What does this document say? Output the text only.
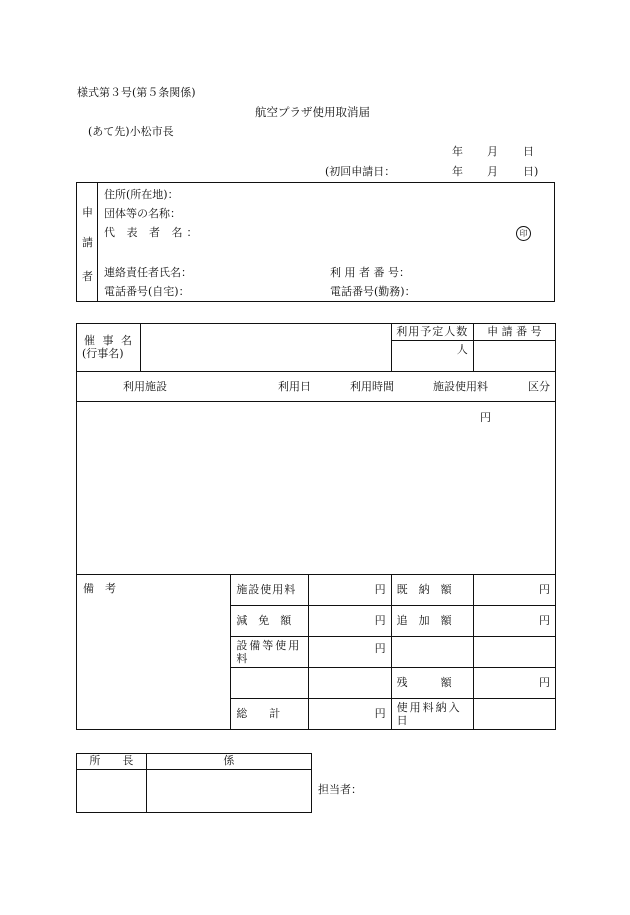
様式第３号(第５条関係)
航空プラザ使用取消届
(あて先)小松市長
年 月 日
(初回申請日：	年 月 日)
申
請
者
住所(所在地)：
団体等の名称：
代 表 者 名：	印
連絡責任者氏名：	利 用 者 番 号：
電話番号(自宅)：	電話番号(勤務)：
催 事 名
(行事名)				利用予定人数	申 請 番 号
				人	

利用施設 利用日 利用時間 施設使用料 区分					

円					

備　考		施設使用料	円	既　納　額	円
		減　免　額	円	追　加　額	円
		設備等使用料	円		
				残　　　額	円
		総　　計	円	使用料納入日	
所　　長	係

担当者：
